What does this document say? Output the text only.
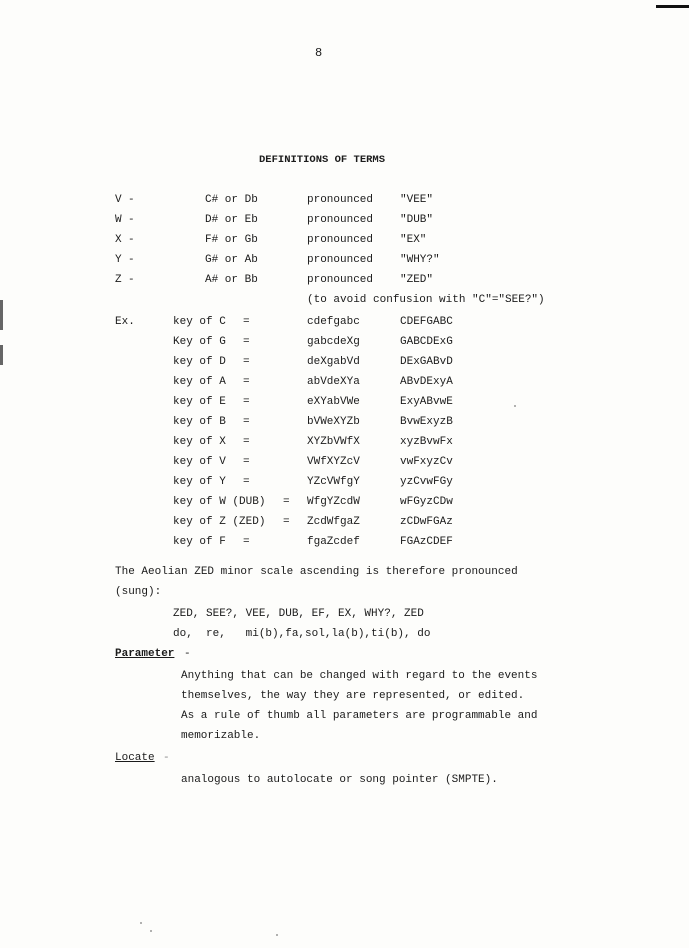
8
DEFINITIONS OF TERMS
V -	C# or Db	pronounced "VEE"
W -	D# or Eb	pronounced "DUB"
X -	F# or Gb	pronounced "EX"
Y -	G# or Ab	pronounced "WHY?"
Z -	A# or Bb	pronounced "ZED"
(to avoid confusion with "C"="SEE?")
Ex.	key of C =	cdefgabc	CDEFGABC
Key of G =	gabcdeXg	GABCDExG
key of D =	deXgabVd	DExGABvD
key of A =	abVdeXYa	ABvDExyA
key of E =	eXYabVWe	ExyABvwE
key of B =	bVWeXYZb	BvwExyzB
key of X =	XYZbVWfX	xyzBvwFx
key of V =	VWfXYZcV	vwFxyzCv
key of Y =	YZcVWfgY	yzCvwFGy
key of W (DUB) = WfgYZcdW	wFGyzCDw
key of Z (ZED) = ZcdWfgaZ	zCDwFGAz
key of F =	fgaZcdef	FGAzCDEF
The Aeolian ZED minor scale ascending is therefore pronounced
(sung):
ZED, SEE?, VEE, DUB, EF, EX, WHY?, ZED
do,  re,   mi(b),fa,sol,la(b),ti(b), do
Parameter -
Anything that can be changed with regard to the events
themselves, the way they are represented, or edited.
As a rule of thumb all parameters are programmable and
memorizable.
Locate -
analogous to autolocate or song pointer (SMPTE).
